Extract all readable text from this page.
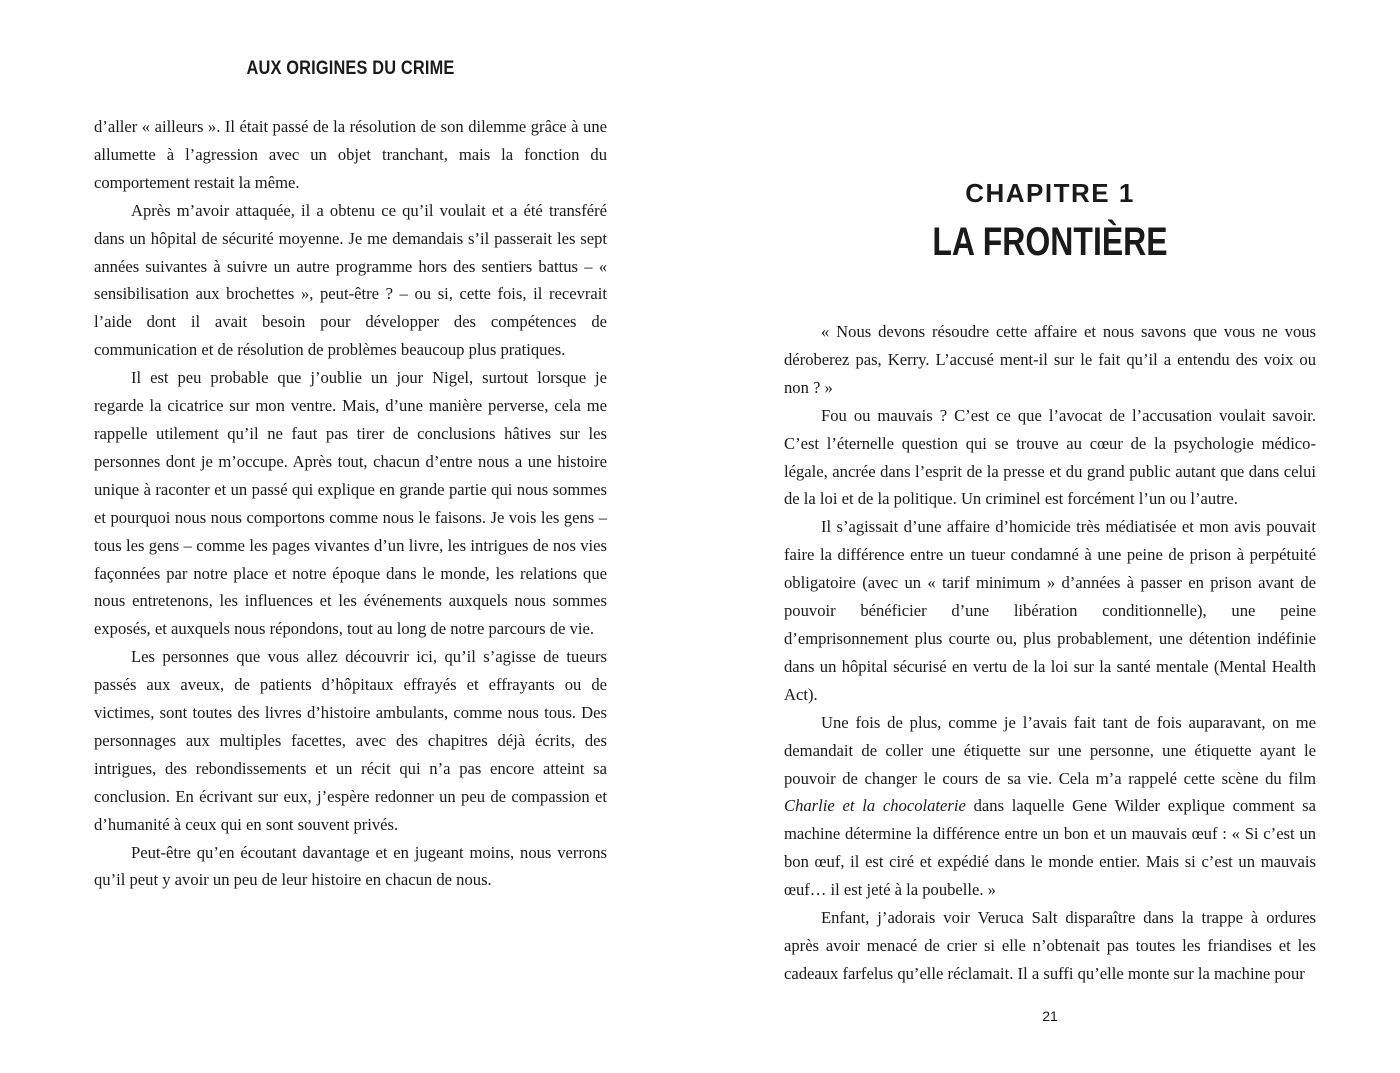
AUX ORIGINES DU CRIME

d’aller « ailleurs ». Il était passé de la résolution de son dilemme grâce à une allumette à l’agression avec un objet tranchant, mais la fonction du comportement restait la même.

Après m’avoir attaquée, il a obtenu ce qu’il voulait et a été transféré dans un hôpital de sécurité moyenne. Je me demandais s’il passerait les sept années suivantes à suivre un autre programme hors des sentiers battus – « sensibilisation aux brochettes », peut-être ? – ou si, cette fois, il recevrait l’aide dont il avait besoin pour développer des compétences de communication et de résolution de problèmes beaucoup plus pratiques.

Il est peu probable que j’oublie un jour Nigel, surtout lorsque je regarde la cicatrice sur mon ventre. Mais, d’une manière perverse, cela me rappelle utilement qu’il ne faut pas tirer de conclusions hâtives sur les personnes dont je m’occupe. Après tout, chacun d’entre nous a une histoire unique à raconter et un passé qui explique en grande partie qui nous sommes et pourquoi nous nous comportons comme nous le faisons. Je vois les gens – tous les gens – comme les pages vivantes d’un livre, les intrigues de nos vies façonnées par notre place et notre époque dans le monde, les relations que nous entretenons, les influences et les événements auxquels nous sommes exposés, et auxquels nous répondons, tout au long de notre parcours de vie.

Les personnes que vous allez découvrir ici, qu’il s’agisse de tueurs passés aux aveux, de patients d’hôpitaux effrayés et effrayants ou de victimes, sont toutes des livres d’histoire ambulants, comme nous tous. Des personnages aux multiples facettes, avec des chapitres déjà écrits, des intrigues, des rebondissements et un récit qui n’a pas encore atteint sa conclusion. En écrivant sur eux, j’espère redonner un peu de compassion et d’humanité à ceux qui en sont souvent privés.

Peut-être qu’en écoutant davantage et en jugeant moins, nous verrons qu’il peut y avoir un peu de leur histoire en chacun de nous.

CHAPITRE 1
LA FRONTIÈRE

« Nous devons résoudre cette affaire et nous savons que vous ne vous déroberez pas, Kerry. L’accusé ment-il sur le fait qu’il a entendu des voix ou non ? »

Fou ou mauvais ? C’est ce que l’avocat de l’accusation voulait savoir. C’est l’éternelle question qui se trouve au cœur de la psychologie médico-légale, ancrée dans l’esprit de la presse et du grand public autant que dans celui de la loi et de la politique. Un criminel est forcément l’un ou l’autre.

Il s’agissait d’une affaire d’homicide très médiatisée et mon avis pouvait faire la différence entre un tueur condamné à une peine de prison à perpétuité obligatoire (avec un « tarif minimum » d’années à passer en prison avant de pouvoir bénéficier d’une libération conditionnelle), une peine d’emprisonnement plus courte ou, plus probablement, une détention indéfinie dans un hôpital sécurisé en vertu de la loi sur la santé mentale (Mental Health Act).

Une fois de plus, comme je l’avais fait tant de fois auparavant, on me demandait de coller une étiquette sur une personne, une étiquette ayant le pouvoir de changer le cours de sa vie. Cela m’a rappelé cette scène du film Charlie et la chocolaterie dans laquelle Gene Wilder explique comment sa machine détermine la différence entre un bon et un mauvais œuf : « Si c’est un bon œuf, il est ciré et expédié dans le monde entier. Mais si c’est un mauvais œuf… il est jeté à la poubelle. »

Enfant, j’adorais voir Veruca Salt disparaître dans la trappe à ordures après avoir menacé de crier si elle n’obtenait pas toutes les friandises et les cadeaux farfelus qu’elle réclamait. Il a suffi qu’elle monte sur la machine pour

21
